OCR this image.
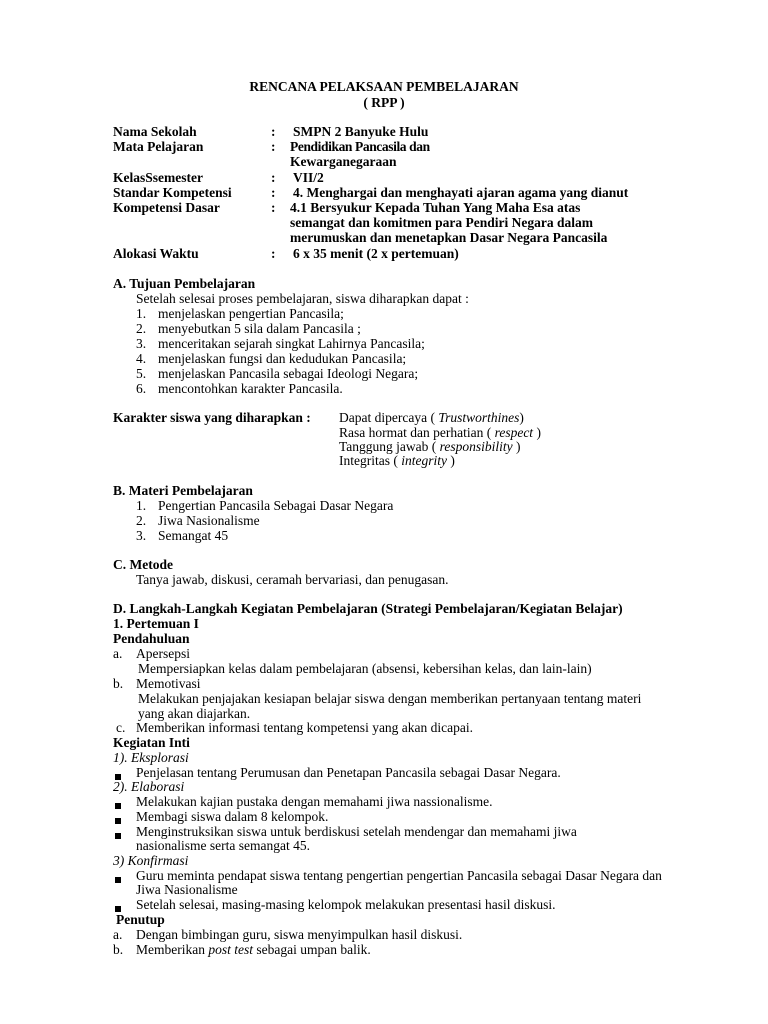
RENCANA PELAKSAAN PEMBELAJARAN
( RPP )
Nama Sekolah	: SMPN 2 Banyuke Hulu
Mata Pelajaran	: Pendidikan Pancasila dan
Kewarganegaraan
KelasSsemester	: VII/2
Standar Kompetensi	: 4. Menghargai dan menghayati ajaran agama yang dianut
Kompetensi Dasar	: 4.1 Bersyukur Kepada Tuhan Yang Maha Esa atas
semangat dan komitmen para Pendiri Negara dalam
merumuskan dan menetapkan Dasar Negara Pancasila
Alokasi Waktu	: 6 x 35 menit (2 x pertemuan)
A. Tujuan Pembelajaran
Setelah selesai proses pembelajaran, siswa diharapkan dapat :
1. menjelaskan pengertian Pancasila;
2. menyebutkan 5 sila dalam Pancasila ;
3. menceritakan sejarah singkat Lahirnya Pancasila;
4. menjelaskan fungsi dan kedudukan Pancasila;
5. menjelaskan Pancasila sebagai Ideologi Negara;
6. mencontohkan karakter Pancasila.
Karakter siswa yang diharapkan : Dapat dipercaya ( Trustworthines)
Rasa hormat dan perhatian ( respect )
Tanggung jawab ( responsibility )
Integritas ( integrity )
B. Materi Pembelajaran
1. Pengertian Pancasila Sebagai Dasar Negara
2. Jiwa Nasionalisme
3. Semangat 45
C. Metode
Tanya jawab, diskusi, ceramah bervariasi, dan penugasan.
D. Langkah-Langkah Kegiatan Pembelajaran (Strategi Pembelajaran/Kegiatan Belajar)
1. Pertemuan I
Pendahuluan
a. Apersepsi
Mempersiapkan kelas dalam pembelajaran (absensi, kebersihan kelas, dan lain-lain)
b. Memotivasi
Melakukan penjajakan kesiapan belajar siswa dengan memberikan pertanyaan tentang materi
yang akan diajarkan.
c. Memberikan informasi tentang kompetensi yang akan dicapai.
Kegiatan Inti
1). Eksplorasi
Penjelasan tentang Perumusan dan Penetapan Pancasila sebagai Dasar Negara.
2). Elaborasi
Melakukan kajian pustaka dengan memahami jiwa nassionalisme.
Membagi siswa dalam 8 kelompok.
Menginstruksikan siswa untuk berdiskusi setelah mendengar dan memahami jiwa
nasionalisme serta semangat 45.
3) Konfirmasi
Guru meminta pendapat siswa tentang pengertian pengertian Pancasila sebagai Dasar Negara dan
Jiwa Nasionalisme
Setelah selesai, masing-masing kelompok melakukan presentasi hasil diskusi.
Penutup
a. Dengan bimbingan guru, siswa menyimpulkan hasil diskusi.
b. Memberikan post test sebagai umpan balik.
